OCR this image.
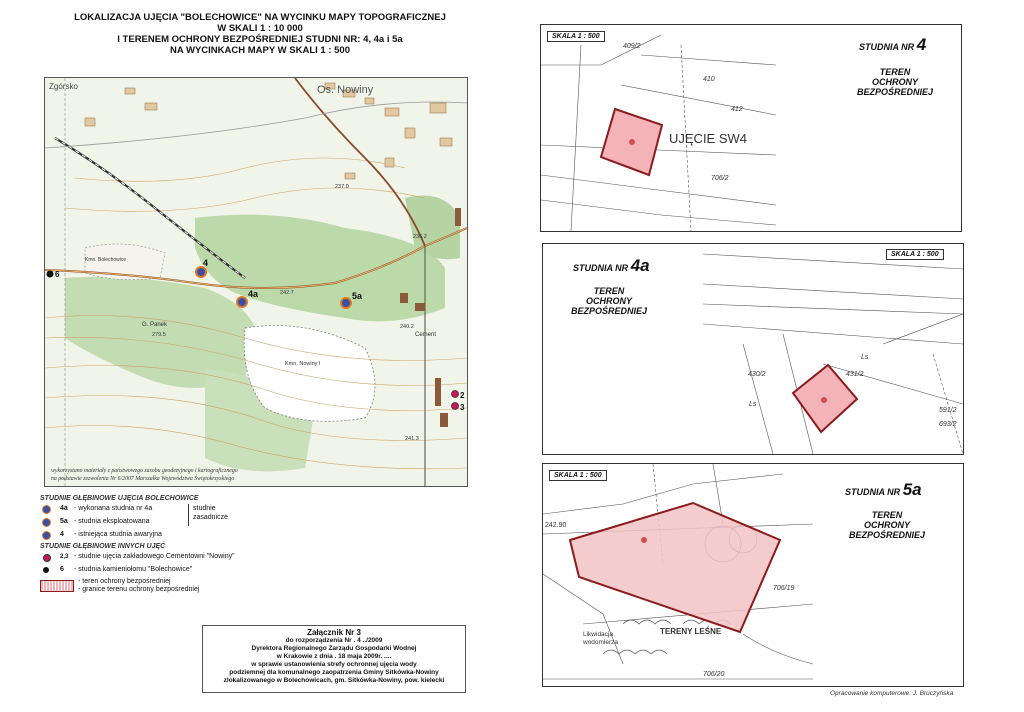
LOKALIZACJA UJĘCIA "BOLECHOWICE" NA WYCINKU MAPY TOPOGRAFICZNEJ
W SKALI 1 : 10 000
I TERENEM OCHRONY BEZPOŚREDNIEJ STUDNI NR: 4, 4a i 5a
NA WYCINKACH MAPY W SKALI 1 : 500
Zgórsko	Os. Nowiny
Kmn. Bolechowice
G. Panek
Kmn. Nowiny I
Cement
237.0
236.2
242.7
240.2
241.3
279.5
4
4a	5a
6
2
3
wykorzystano materiały z państwowego zasobu geodezyjnego i kartograficznego
na podstawie zezwolenia Nr 6/2007 Marszałka Województwa Świętokrzyskiego
STUDNIE GŁĘBINOWE UJĘCIA BOLECHOWICE
4a - wykonana studnia nr 4a
5a - studnia eksploatowana
4	- istniejąca studnia awaryjna
studnie
zasadnicze
STUDNIE GŁĘBINOWE INNYCH UJĘĆ
2,3 - studnie ujęcia zakładowego Cementowni "Nowiny"
6	- studnia kamieniołomu "Bolechowice"
- teren ochrony bezpośredniej
- granice terenu ochrony bezpośredniej
Załącznik Nr 3
do rozporządzenia Nr . 4 ../2009
Dyrektora Regionalnego Zarządu Gospodarki Wodnej
w Krakowie z dnia . 18 maja 2009r. ....
w sprawie ustanowienia strefy ochronnej ujęcia wody
podziemnej dla komunalnego zaopatrzenia Gminy Sitkówka-Nowiny
zlokalizowanego w Bolechowicach, gm. Sitkówka-Nowiny, pow. kielecki
409/2
410
412
706/2
UJĘCIE SW4
SKALA 1 : 500
STUDNIA NR 4
TEREN
OCHRONY
BEZPOŚREDNIEJ
430/2	431/2
591/2
693/2
Ls
Ls
SKALA 1 : 500
STUDNIA NR 4a
TEREN
OCHRONY
BEZPOŚREDNIEJ
242.90
TERENY LEŚNE
Likwidacja
wodomierza
706/19
706/20
SKALA 1 : 500
STUDNIA NR 5a
TEREN
OCHRONY
BEZPOŚREDNIEJ
Opracowanie komputerowe: J. Bruczyńska
